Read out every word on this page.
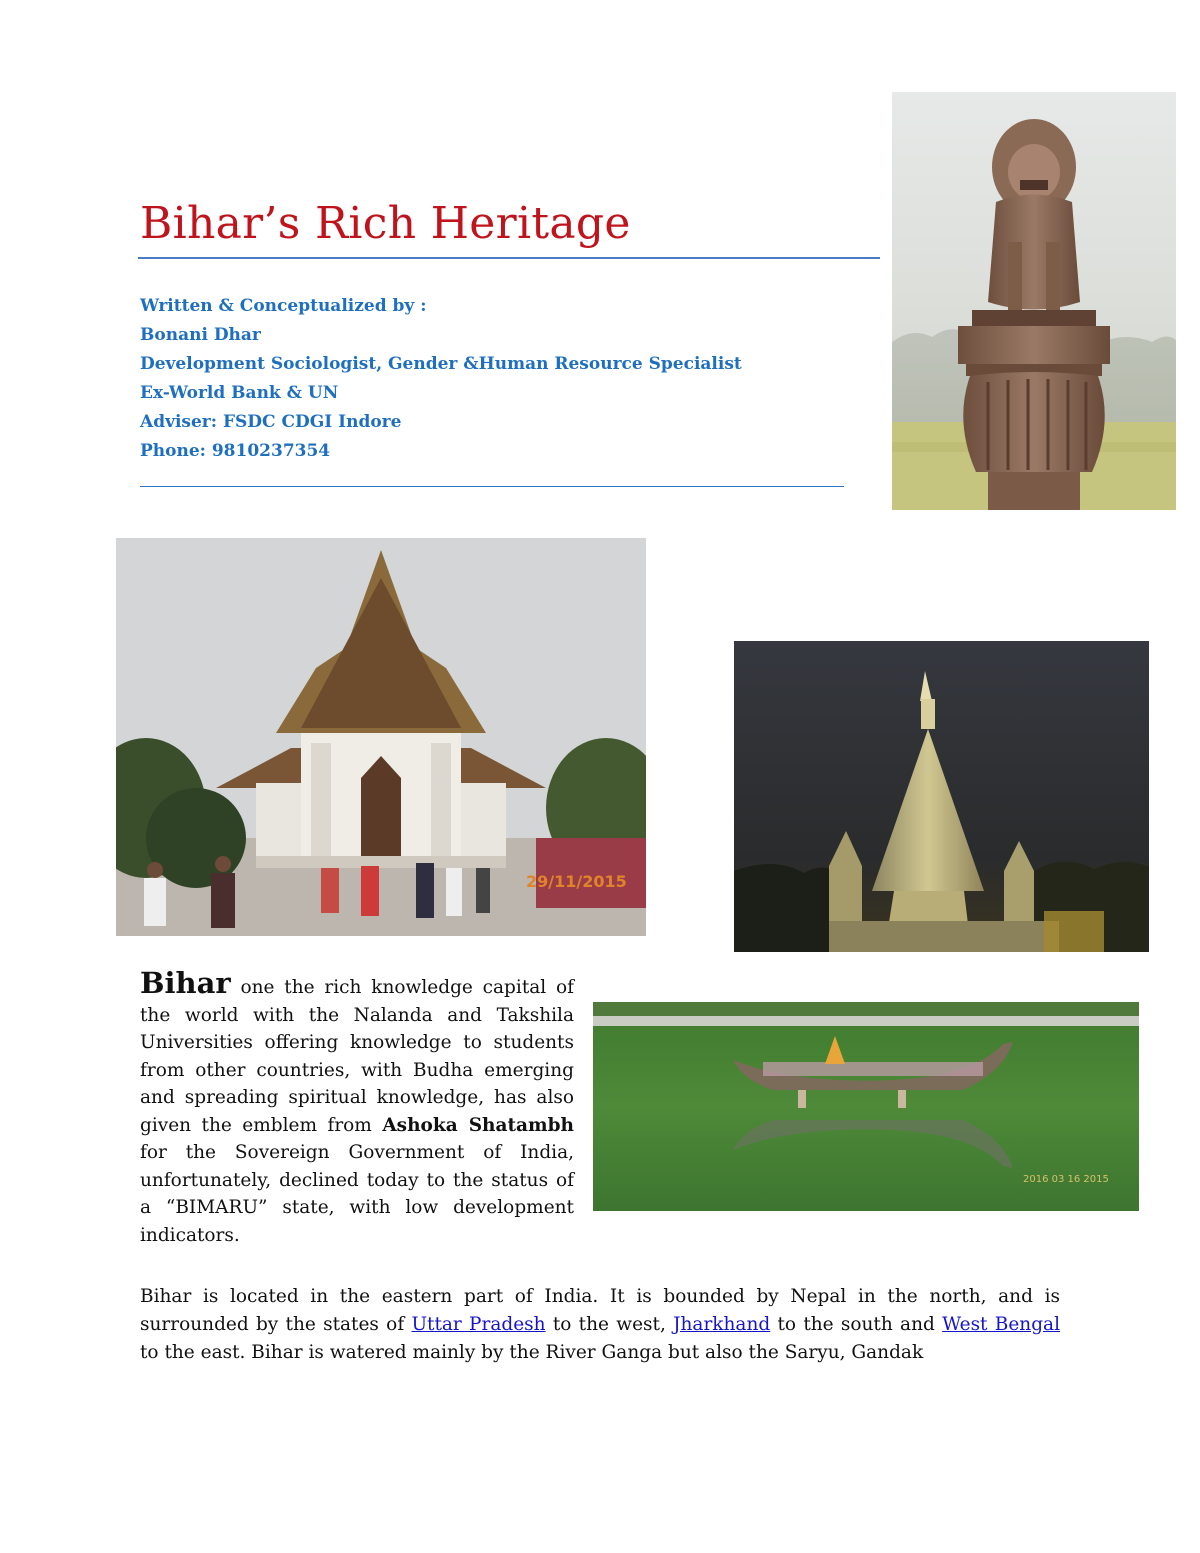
Bihar’s Rich Heritage
Written & Conceptualized by :
Bonani Dhar
Development Sociologist, Gender &Human Resource Specialist
Ex-World Bank & UN
Adviser: FSDC CDGI Indore
Phone: 9810237354
29/11/2015
2016 03 16 2015
Bihar one the rich knowledge capital of the world with the Nalanda and Takshila Universities offering knowledge to students from other countries, with Budha emerging and spreading spiritual knowledge, has also given the emblem from Ashoka Shatambh for the Sovereign Government of India, unfortunately, declined today to the status of a “BIMARU” state, with low development indicators.
Bihar is located in the eastern part of India. It is bounded by Nepal in the north, and is surrounded by the states of Uttar Pradesh to the west, Jharkhand to the south and West Bengal to the east. Bihar is watered mainly by the River Ganga but also the Saryu, Gandak
